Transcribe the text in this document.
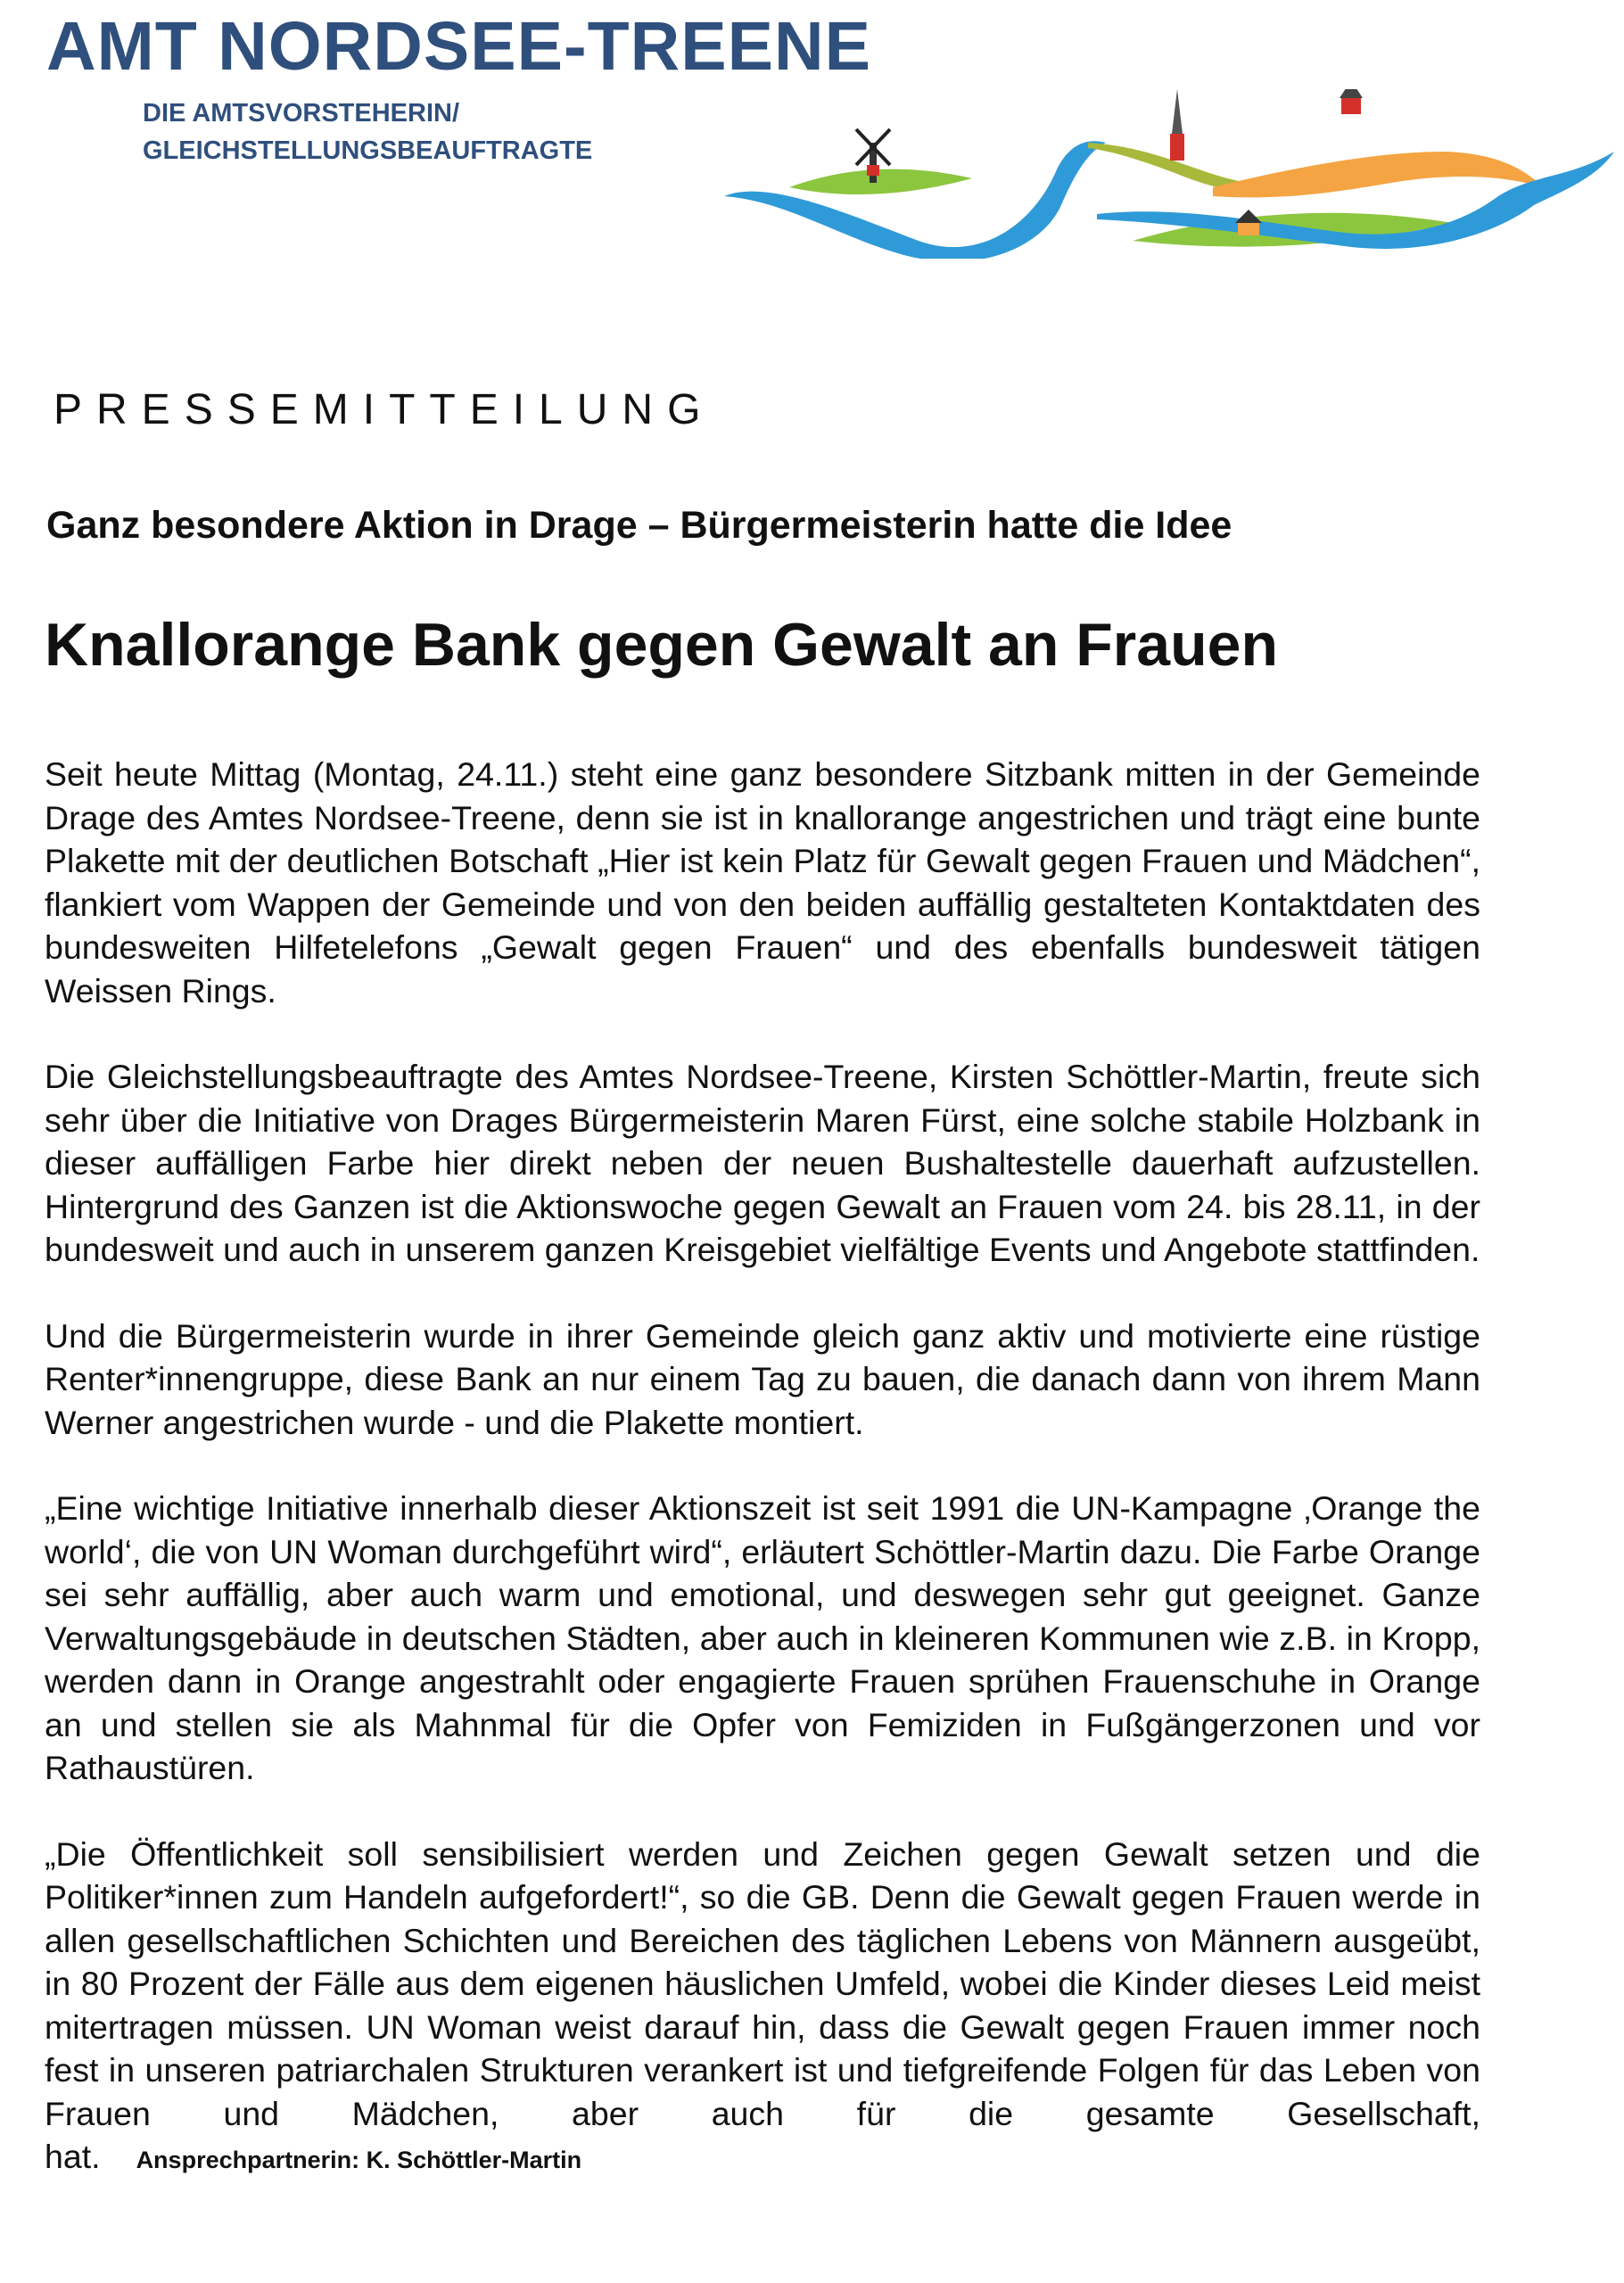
AMT NORDSEE-TREENE
DIE AMTSVORSTEHERIN/
GLEICHSTELLUNGSBEAUFTRAGTE
PRESSEMITTEILUNG
Ganz besondere Aktion in Drage – Bürgermeisterin hatte die Idee
Knallorange Bank gegen Gewalt an Frauen

Seit heute Mittag (Montag, 24.11.) steht eine ganz besondere Sitzbank mitten in der Gemeinde Drage des Amtes Nordsee-Treene, denn sie ist in knallorange angestrichen und trägt eine bunte Plakette mit der deutlichen Botschaft „Hier ist kein Platz für Gewalt gegen Frauen und Mädchen“, flankiert vom Wappen der Gemeinde und von den beiden auffällig gestalteten Kontaktdaten des bundesweiten Hilfetelefons „Gewalt gegen Frauen“ und des ebenfalls bundesweit tätigen Weissen Rings.

Die Gleichstellungsbeauftragte des Amtes Nordsee-Treene, Kirsten Schöttler-Martin, freute sich sehr über die Initiative von Drages Bürgermeisterin Maren Fürst, eine solche stabile Holzbank in dieser auffälligen Farbe hier direkt neben der neuen Bushaltestelle dauerhaft aufzustellen. Hintergrund des Ganzen ist die Aktionswoche gegen Gewalt an Frauen vom 24. bis 28.11, in der bundesweit und auch in unserem ganzen Kreisgebiet vielfältige Events und Angebote stattfinden.

Und die Bürgermeisterin wurde in ihrer Gemeinde gleich ganz aktiv und motivierte eine rüstige Renter*innengruppe, diese Bank an nur einem Tag zu bauen, die danach dann von ihrem Mann Werner angestrichen wurde - und die Plakette montiert.

„Eine wichtige Initiative innerhalb dieser Aktionszeit ist seit 1991 die UN-Kampagne ‚Orange the world‘, die von UN Woman durchgeführt wird“, erläutert Schöttler-Martin dazu. Die Farbe Orange sei sehr auffällig, aber auch warm und emotional, und deswegen sehr gut geeignet. Ganze Verwaltungsgebäude in deutschen Städten, aber auch in kleineren Kommunen wie z.B. in Kropp, werden dann in Orange angestrahlt oder engagierte Frauen sprühen Frauenschuhe in Orange an und stellen sie als Mahnmal für die Opfer von Femiziden in Fußgängerzonen und vor Rathaustüren.

„Die Öffentlichkeit soll sensibilisiert werden und Zeichen gegen Gewalt setzen und die Politiker*innen zum Handeln aufgefordert!“, so die GB. Denn die Gewalt gegen Frauen werde in allen gesellschaftlichen Schichten und Bereichen des täglichen Lebens von Männern ausgeübt, in 80 Prozent der Fälle aus dem eigenen häuslichen Umfeld, wobei die Kinder dieses Leid meist mitertragen müssen. UN Woman weist darauf hin, dass die Gewalt gegen Frauen immer noch fest in unseren patriarchalen Strukturen verankert ist und tiefgreifende Folgen für das Leben von Frauen und Mädchen, aber auch für die gesamte Gesellschaft, hat. Ansprechpartnerin: K. Schöttler-Martin
